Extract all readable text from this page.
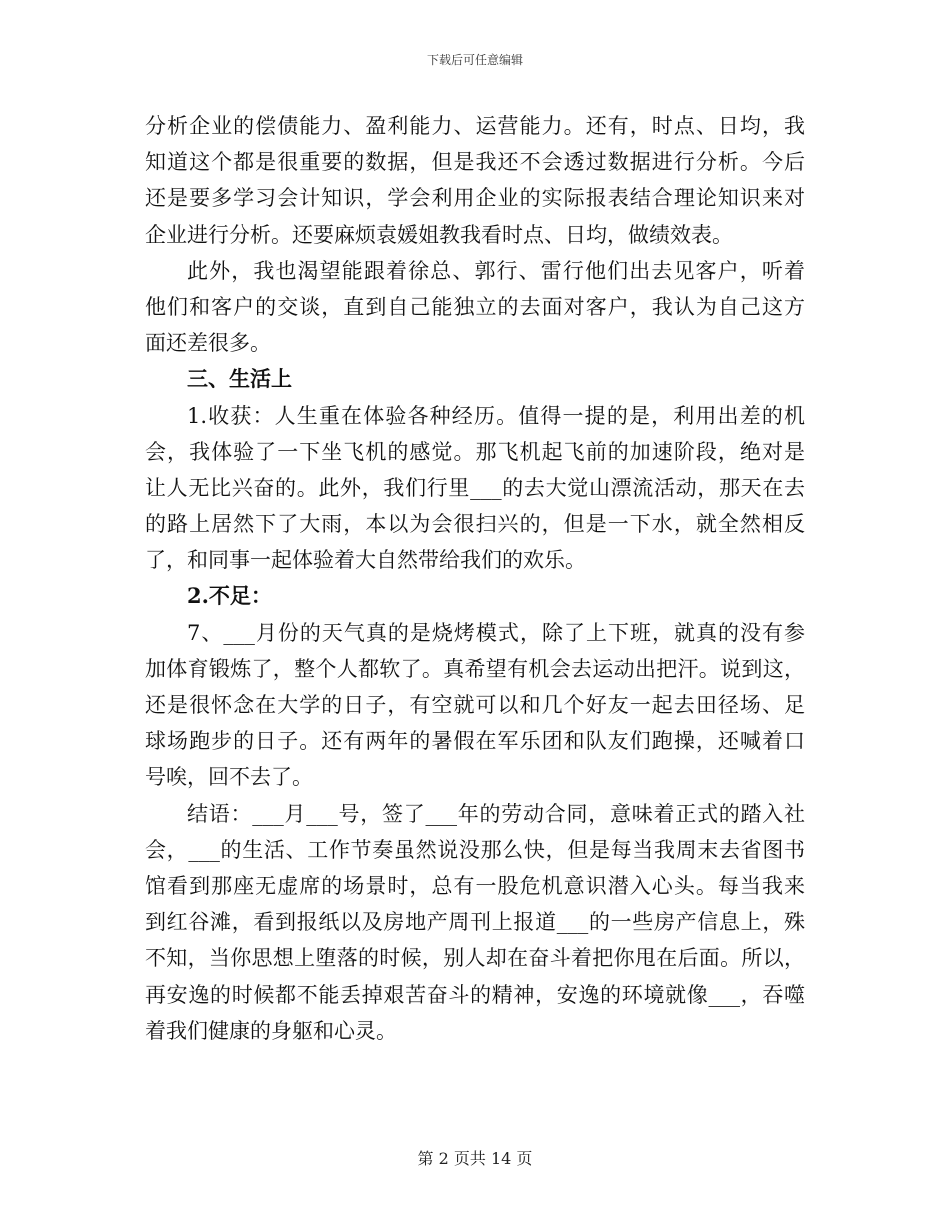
下载后可任意编辑
分析企业的偿债能力、盈利能力、运营能力。还有，时点、日均，我
知道这个都是很重要的数据，但是我还不会透过数据进行分析。今后
还是要多学习会计知识，学会利用企业的实际报表结合理论知识来对
企业进行分析。还要麻烦袁媛姐教我看时点、日均，做绩效表。
此外，我也渴望能跟着徐总、郭行、雷行他们出去见客户，听着
他们和客户的交谈，直到自己能独立的去面对客户，我认为自己这方
面还差很多。
三、生活上
1.收获：人生重在体验各种经历。值得一提的是，利用出差的机
会，我体验了一下坐飞机的感觉。那飞机起飞前的加速阶段，绝对是
让人无比兴奋的。此外，我们行里___的去大觉山漂流活动，那天在去
的路上居然下了大雨，本以为会很扫兴的，但是一下水，就全然相反
了，和同事一起体验着大自然带给我们的欢乐。
2.不足：
7、___月份的天气真的是烧烤模式，除了上下班，就真的没有参
加体育锻炼了，整个人都软了。真希望有机会去运动出把汗。说到这，
还是很怀念在大学的日子，有空就可以和几个好友一起去田径场、足
球场跑步的日子。还有两年的暑假在军乐团和队友们跑操，还喊着口
号唉，回不去了。
结语：___月___号，签了___年的劳动合同，意味着正式的踏入社
会，___的生活、工作节奏虽然说没那么快，但是每当我周末去省图书
馆看到那座无虚席的场景时，总有一股危机意识潜入心头。每当我来
到红谷滩，看到报纸以及房地产周刊上报道___的一些房产信息上，殊
不知，当你思想上堕落的时候，别人却在奋斗着把你甩在后面。所以，
再安逸的时候都不能丢掉艰苦奋斗的精神，安逸的环境就像___，吞噬
着我们健康的身躯和心灵。
第 2 页共 14 页
